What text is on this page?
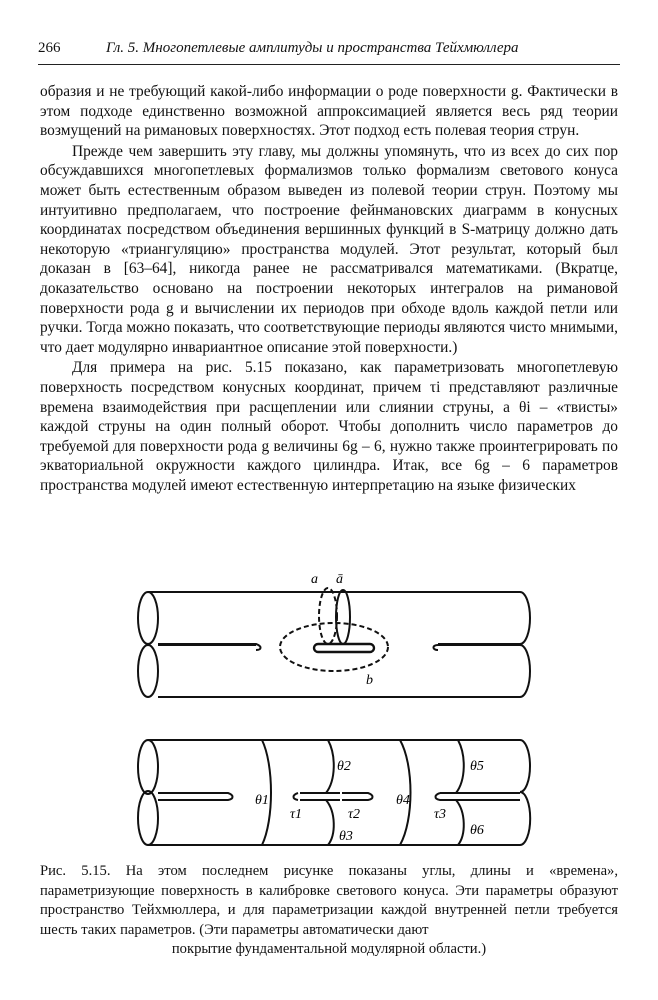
266	Гл. 5. Многопетлевые амплитуды и пространства Тейхмюллера

образия и не требующий какой-либо информации о роде поверхности g. Фактически в этом подходе единственно возможной аппроксимацией является весь ряд теории возмущений на римановых поверхностях. Этот подход есть полевая теория струн.

Прежде чем завершить эту главу, мы должны упомянуть, что из всех до сих пор обсуждавшихся многопетлевых формализмов только формализм светового конуса может быть естественным образом выведен из полевой теории струн. Поэтому мы интуитивно предполагаем, что построение фейнмановских диаграмм в конусных координатах посредством объединения вершинных функций в S-матрицу должно дать некоторую «триангуляцию» пространства модулей. Этот результат, который был доказан в [63–64], никогда ранее не рассматривался математиками. (Вкратце, доказательство основано на построении некоторых интегралов на римановой поверхности рода g и вычислении их периодов при обходе вдоль каждой петли или ручки. Тогда можно показать, что соответствующие периоды являются чисто мнимыми, что дает модулярно инвариантное описание этой поверхности.)

Для примера на рис. 5.15 показано, как параметризовать многопетлевую поверхность посредством конусных координат, причем τi представляют различные времена взаимодействия при расщеплении или слиянии струны, а θi – «твисты» каждой струны на один полный оборот. Чтобы дополнить число параметров до требуемой для поверхности рода g величины 6g – 6, нужно также проинтегрировать по экваториальной окружности каждого цилиндра. Итак, все 6g – 6 параметров пространства модулей имеют естественную интерпретацию на языке физических

a ā
b
θ1
θ2
θ3
θ4
θ5
θ6
τ1	τ2	τ3
Рис. 5.15. На этом последнем рисунке показаны углы, длины и «времена», параметризующие поверхность в калибровке светового конуса. Эти параметры образуют пространство Тейхмюллера, и для параметризации каждой внутренней петли требуется шесть таких параметров. (Эти параметры автоматически дают
покрытие фундаментальной модулярной области.)
